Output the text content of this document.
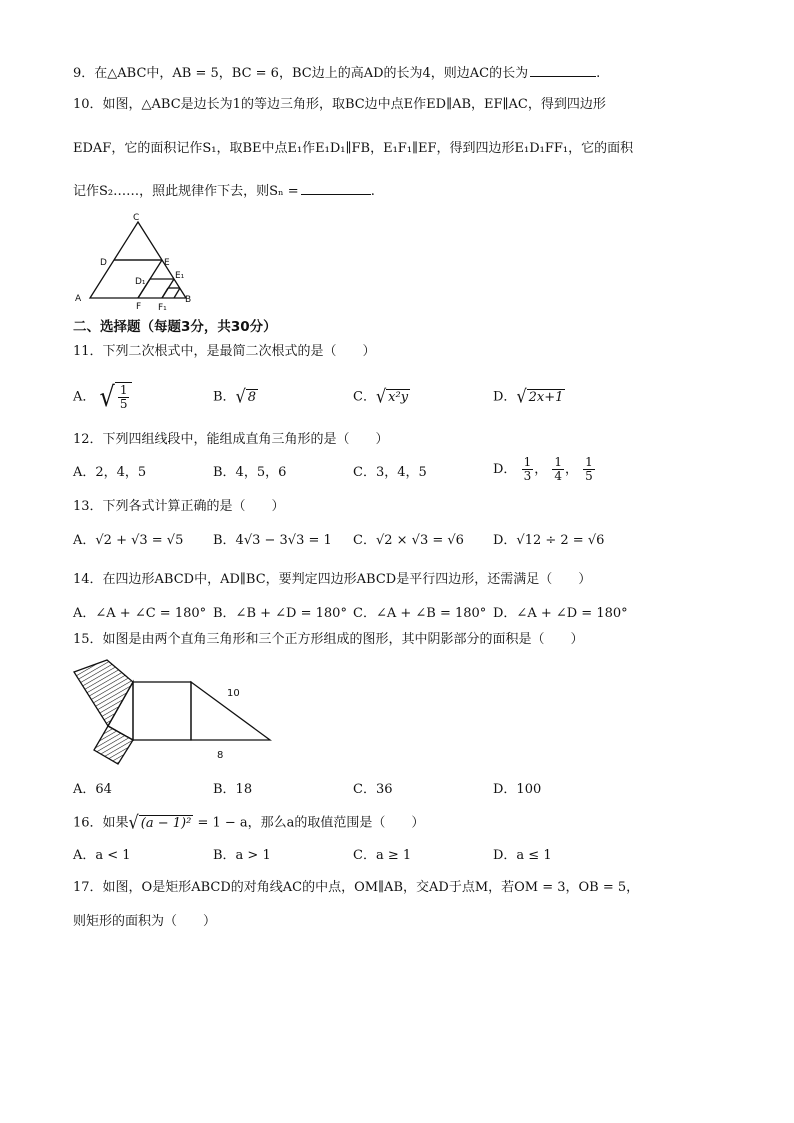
9．在△ABC中，AB = 5，BC = 6，BC边上的高AD的长为4，则边AC的长为	.
10．如图，△ABC是边长为1的等边三角形，取BC边中点E作ED∥AB，EF∥AC，得到四边形
EDAF，它的面积记作S₁，取BE中点E₁作E₁D₁∥FB，E₁F₁∥EF，得到四边形E₁D₁FF₁，它的面积
记作S₂……，照此规律作下去，则Sₙ =	.
C
D	E
D₁
E₁
A
F F₁
B
二、选择题（每题3分，共30分）
11．下列二次根式中，是最简二次根式的是（　　）
A． √ $\frac{1}{5}$	B． √ 8	C． √ x²y	D． √ 2x+1
12．下列四组线段中，能组成直角三角形的是（　　）
A．2，4，5	B．4，5，6	C．3，4，5	D． $\frac{1}{3}$ ， $\frac{1}{4}$ ， $\frac{1}{5}$
13．下列各式计算正确的是（　　）
A．√2 + √3 = √5 B．4√3 − 3√3 = 1 C．√2 × √3 = √6 D．√12 ÷ 2 = √6
14．在四边形ABCD中，AD∥BC，要判定四边形ABCD是平行四边形，还需满足（　　）
A．∠A + ∠C = 180° B．∠B + ∠D = 180° C．∠A + ∠B = 180° D．∠A + ∠D = 180°
15．如图是由两个直角三角形和三个正方形组成的图形，其中阴影部分的面积是（　　）
10
8
A．64	B．18	C．36	D．100
16．如果 √ (a − 1)² = 1 − a，那么a的取值范围是（　　）
A．a < 1	B．a > 1	C．a ≥ 1	D．a ≤ 1
17．如图，O是矩形ABCD的对角线AC的中点，OM∥AB，交AD于点M，若OM = 3，OB = 5，
则矩形的面积为（　　）
